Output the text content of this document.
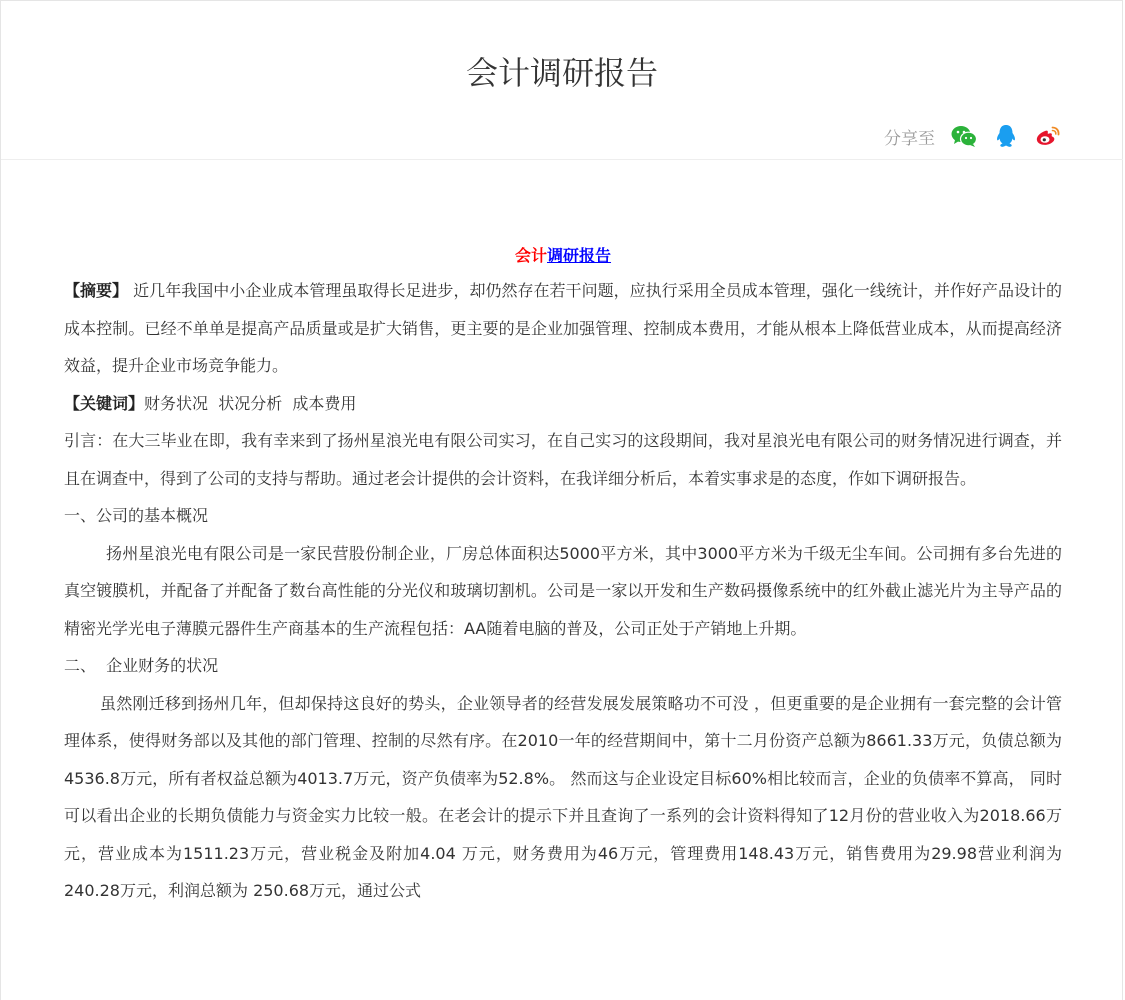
会计调研报告
分享至

会计调研报告

【摘要】 近几年我国中小企业成本管理虽取得长足进步，却仍然存在若干问题，应执行采用全员成本管理，强化一线统计，并作好产品设计的成本控制。已经不单单是提高产品质量或是扩大销售，更主要的是企业加强管理、控制成本费用，才能从根本上降低营业成本，从而提高经济效益，提升企业市场竞争能力。

【关键词】财务状况  状况分析  成本费用

引言：在大三毕业在即，我有幸来到了扬州星浪光电有限公司实习，在自己实习的这段期间，我对星浪光电有限公司的财务情况进行调查，并且在调查中，得到了公司的支持与帮助。通过老会计提供的会计资料，在我详细分析后，本着实事求是的态度，作如下调研报告。

一、公司的基本概况

扬州星浪光电有限公司是一家民营股份制企业，厂房总体面积达5000平方米，其中3000平方米为千级无尘车间。公司拥有多台先进的真空镀膜机，并配备了并配备了数台高性能的分光仪和玻璃切割机。公司是一家以开发和生产数码摄像系统中的红外截止滤光片为主导产品的精密光学光电子薄膜元器件生产商基本的生产流程包括：AA随着电脑的普及，公司正处于产销地上升期。

二、  企业财务的状况

虽然刚迁移到扬州几年，但却保持这良好的势头，企业领导者的经营发展发展策略功不可没 ，但更重要的是企业拥有一套完整的会计管理体系，使得财务部以及其他的部门管理、控制的尽然有序。在2010一年的经营期间中，第十二月份资产总额为8661.33万元，负债总额为4536.8万元，所有者权益总额为4013.7万元，资产负债率为52.8%。 然而这与企业设定目标60%相比较而言，企业的负债率不算高， 同时可以看出企业的长期负债能力与资金实力比较一般。在老会计的提示下并且查询了一系列的会计资料得知了12月份的营业收入为2018.66万元，营业成本为1511.23万元，营业税金及附加4.04 万元，财务费用为46万元，管理费用148.43万元，销售费用为29.98营业利润为240.28万元，利润总额为 250.68万元，通过公式
